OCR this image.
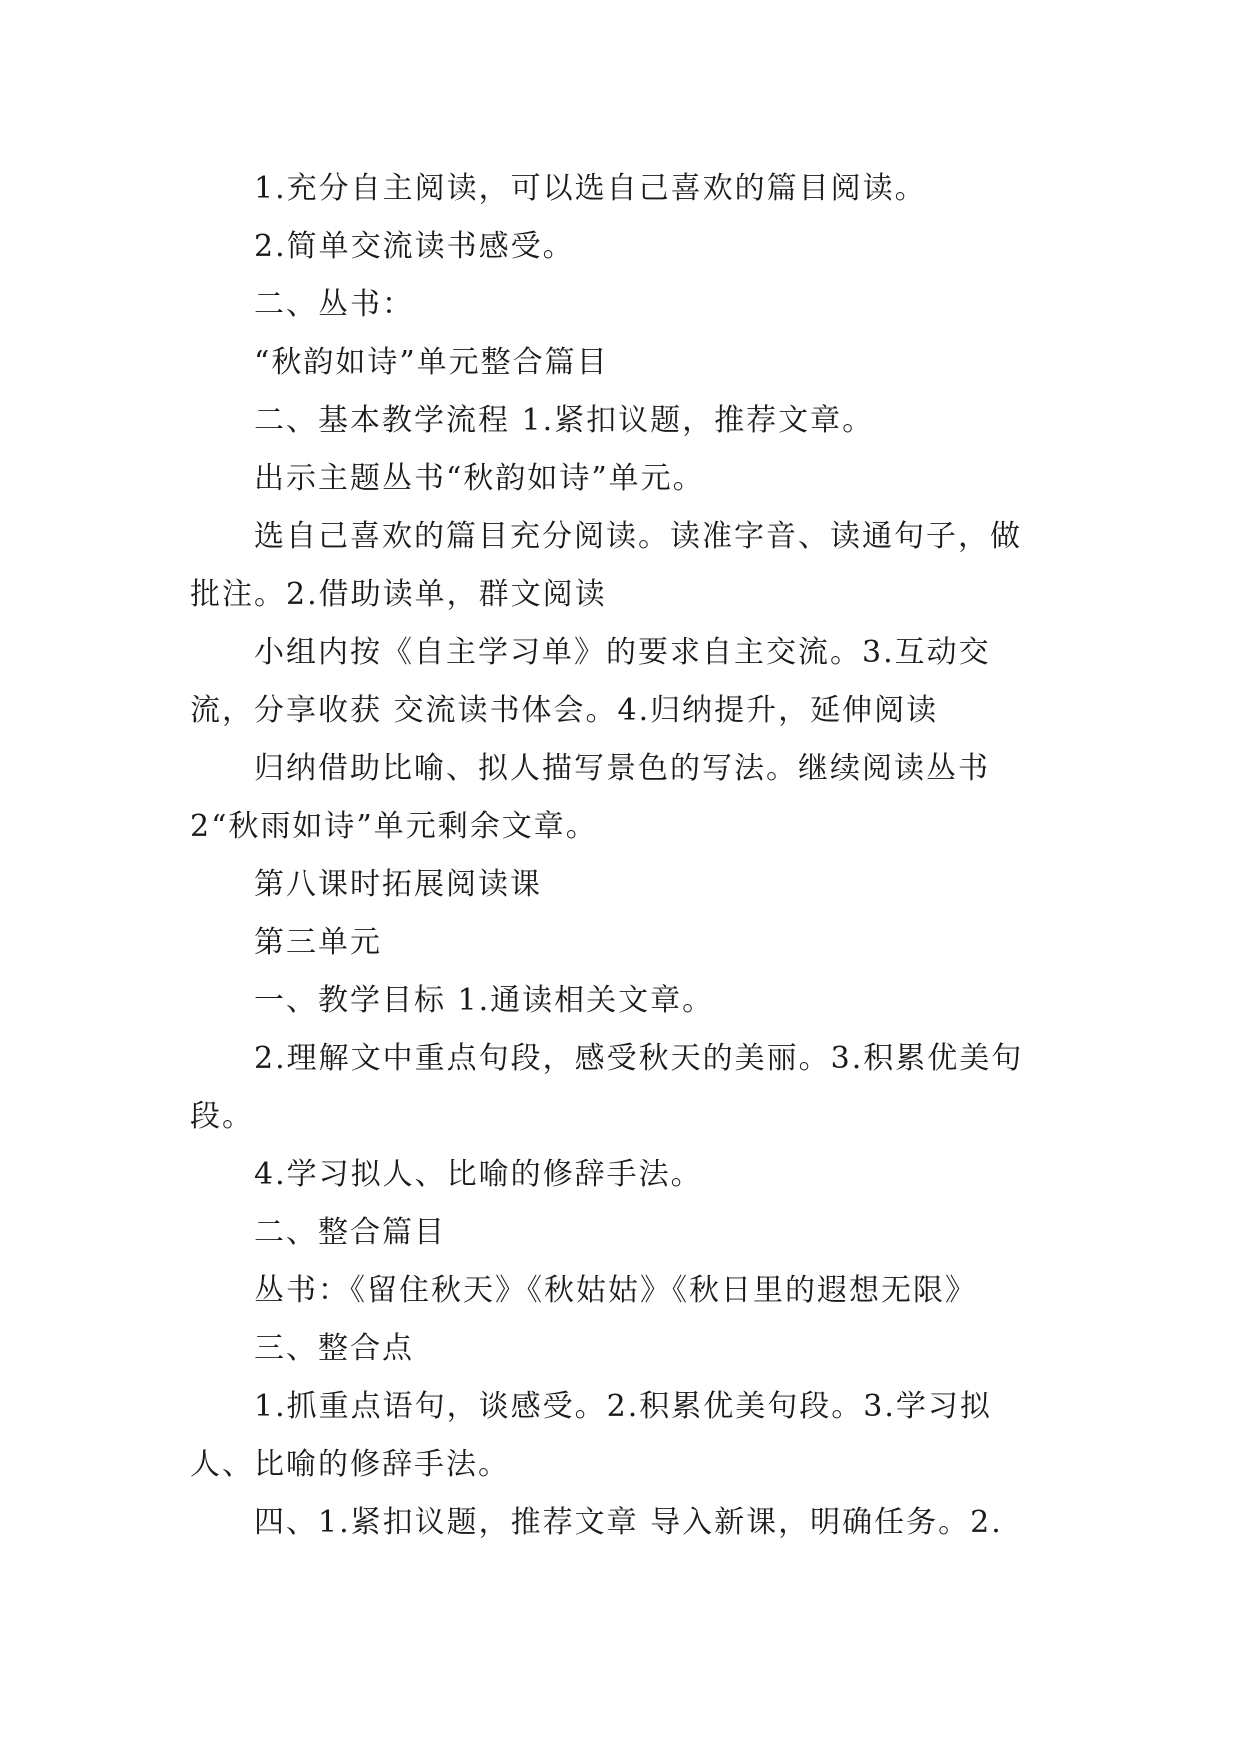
1.充分自主阅读，可以选自己喜欢的篇目阅读。

2.简单交流读书感受。

二、丛书：

“秋韵如诗”单元整合篇目

二、基本教学流程 1.紧扣议题，推荐文章。

出示主题丛书“秋韵如诗”单元。

选自己喜欢的篇目充分阅读。读准字音、读通句子，做批注。2.借助读单，群文阅读

小组内按《自主学习单》的要求自主交流。3.互动交流，分享收获 交流读书体会。4.归纳提升，延伸阅读

归纳借助比喻、拟人描写景色的写法。继续阅读丛书2“秋雨如诗”单元剩余文章。

第八课时拓展阅读课

第三单元

一、教学目标 1.通读相关文章。

2.理解文中重点句段，感受秋天的美丽。3.积累优美句段。

4.学习拟人、比喻的修辞手法。

二、整合篇目

丛书：《留住秋天》《秋姑姑》《秋日里的遐想无限》

三、整合点

1.抓重点语句，谈感受。2.积累优美句段。3.学习拟人、比喻的修辞手法。

四、1.紧扣议题，推荐文章 导入新课，明确任务。2.
